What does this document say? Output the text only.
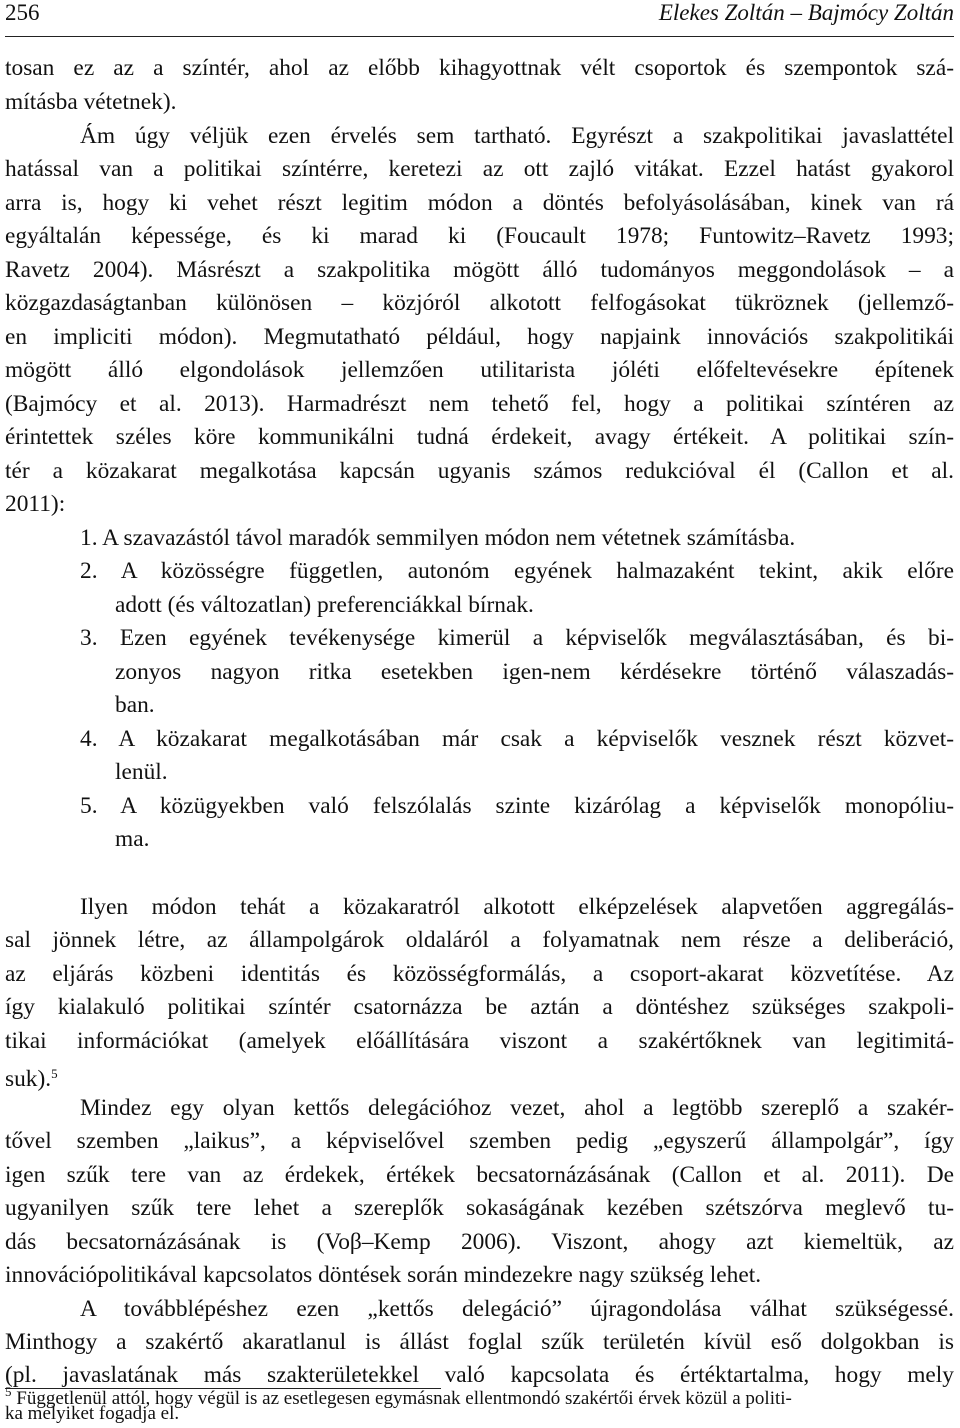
256	Elekes Zoltán – Bajmócy Zoltán
tosan ez az a színtér, ahol az előbb kihagyottnak vélt csoportok és szempontok szá-
mításba vétetnek).
Ám úgy véljük ezen érvelés sem tartható. Egyrészt a szakpolitikai javaslattétel
hatással van a politikai színtérre, keretezi az ott zajló vitákat. Ezzel hatást gyakorol
arra is, hogy ki vehet részt legitim módon a döntés befolyásolásában, kinek van rá
egyáltalán képessége, és ki marad ki (Foucault 1978; Funtowitz–Ravetz 1993;
Ravetz 2004). Másrészt a szakpolitika mögött álló tudományos meggondolások – a
közgazdaságtanban különösen – közjóról alkotott felfogásokat tükröznek (jellemző-
en impliciti módon). Megmutatható például, hogy napjaink innovációs szakpolitikái
mögött álló elgondolások jellemzően utilitarista jóléti előfeltevésekre építenek
(Bajmócy et al. 2013). Harmadrészt nem tehető fel, hogy a politikai színtéren az
érintettek széles köre kommunikálni tudná érdekeit, avagy értékeit. A politikai szín-
tér a közakarat megalkotása kapcsán ugyanis számos redukcióval él (Callon et al.
2011):
1. A szavazástól távol maradók semmilyen módon nem vétetnek számításba.
2. A közösségre független, autonóm egyének halmazaként tekint, akik előre
adott (és változatlan) preferenciákkal bírnak.
3. Ezen egyének tevékenysége kimerül a képviselők megválasztásában, és bi-
zonyos nagyon ritka esetekben igen-nem kérdésekre történő válaszadás-
ban.
4. A közakarat megalkotásában már csak a képviselők vesznek részt közvet-
lenül.
5. A közügyekben való felszólalás szinte kizárólag a képviselők monopóliu-
ma.
Ilyen módon tehát a közakaratról alkotott elképzelések alapvetően aggregálás-
sal jönnek létre, az állampolgárok oldaláról a folyamatnak nem része a deliberáció,
az eljárás közbeni identitás és közösségformálás, a csoport-akarat közvetítése. Az
így kialakuló politikai színtér csatornázza be aztán a döntéshez szükséges szakpoli-
tikai információkat (amelyek előállítására viszont a szakértőknek van legitimitá-
suk).$^5$
Mindez egy olyan kettős delegációhoz vezet, ahol a legtöbb szereplő a szakér-
tővel szemben „laikus”, a képviselővel szemben pedig „egyszerű állampolgár”, így
igen szűk tere van az érdekek, értékek becsatornázásának (Callon et al. 2011). De
ugyanilyen szűk tere lehet a szereplők sokaságának kezében szétszórva meglevő tu-
dás becsatornázásának is (Voβ–Kemp 2006). Viszont, ahogy azt kiemeltük, az
innovációpolitikával kapcsolatos döntések során mindezekre nagy szükség lehet.
A továbblépéshez ezen „kettős delegáció” újragondolása válhat szükségessé.
Minthogy a szakértő akaratlanul is állást foglal szűk területén kívül eső dolgokban is
(pl. javaslatának más szakterületekkel való kapcsolata és értéktartalma, hogy mely
$^5$ Függetlenül attól, hogy végül is az esetlegesen egymásnak ellentmondó szakértői érvek közül a politi-
ka melyiket fogadja el.
